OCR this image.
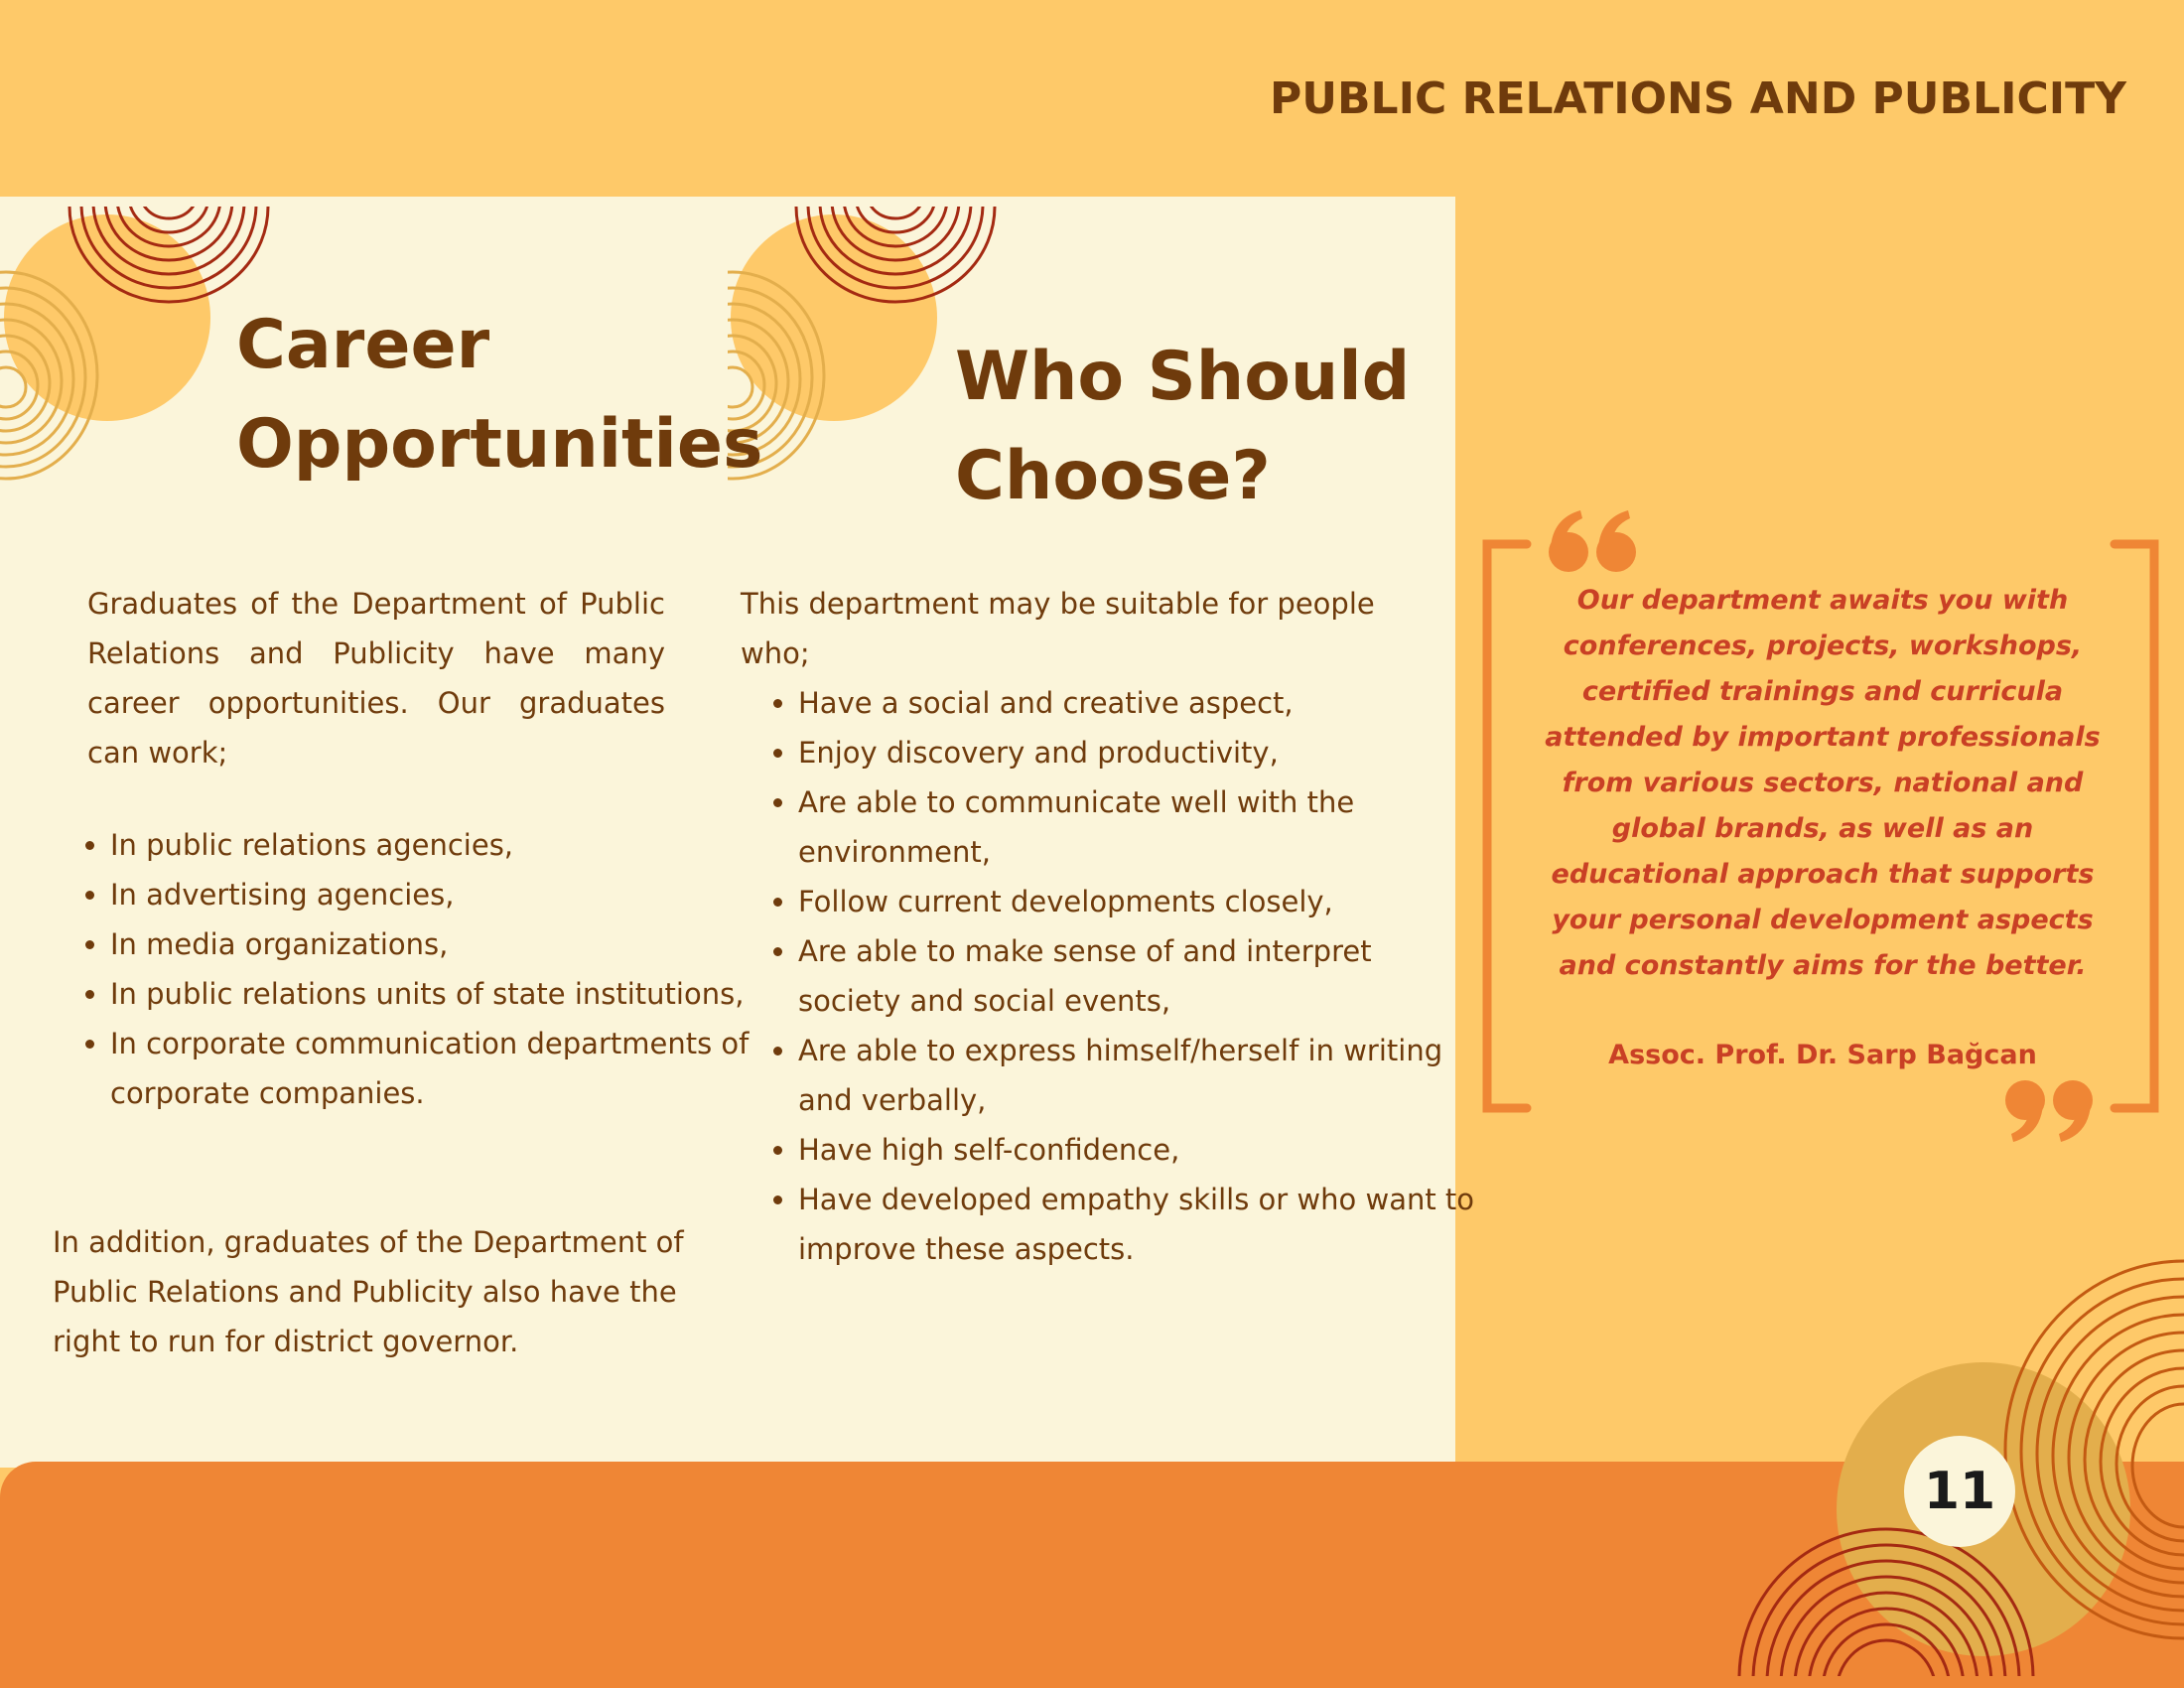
PUBLIC RELATIONS AND PUBLICITY
Career
Opportunities

Graduates of the Department of Public Relations and Publicity have many career opportunities. Our graduates can work;

• In public relations agencies,
• In advertising agencies,
• In media organizations,
• In public relations units of state institutions,
• In corporate communication departments of corporate companies.

In addition, graduates of the Department of Public Relations and Publicity also have the right to run for district governor.

Who Should
Choose?

This department may be suitable for people who;

• Have a social and creative aspect,
• Enjoy discovery and productivity,
• Are able to communicate well with the environment,
• Follow current developments closely,
• Are able to make sense of and interpret society and social events,
• Are able to express himself/herself in writing and verbally,
• Have high self-confidence,
• Have developed empathy skills or who want to improve these aspects.

Our department awaits you with conferences, projects, workshops, certified trainings and curricula attended by important professionals from various sectors, national and global brands, as well as an educational approach that supports your personal development aspects and constantly aims for the better.

Assoc. Prof. Dr. Sarp Bağcan

11
